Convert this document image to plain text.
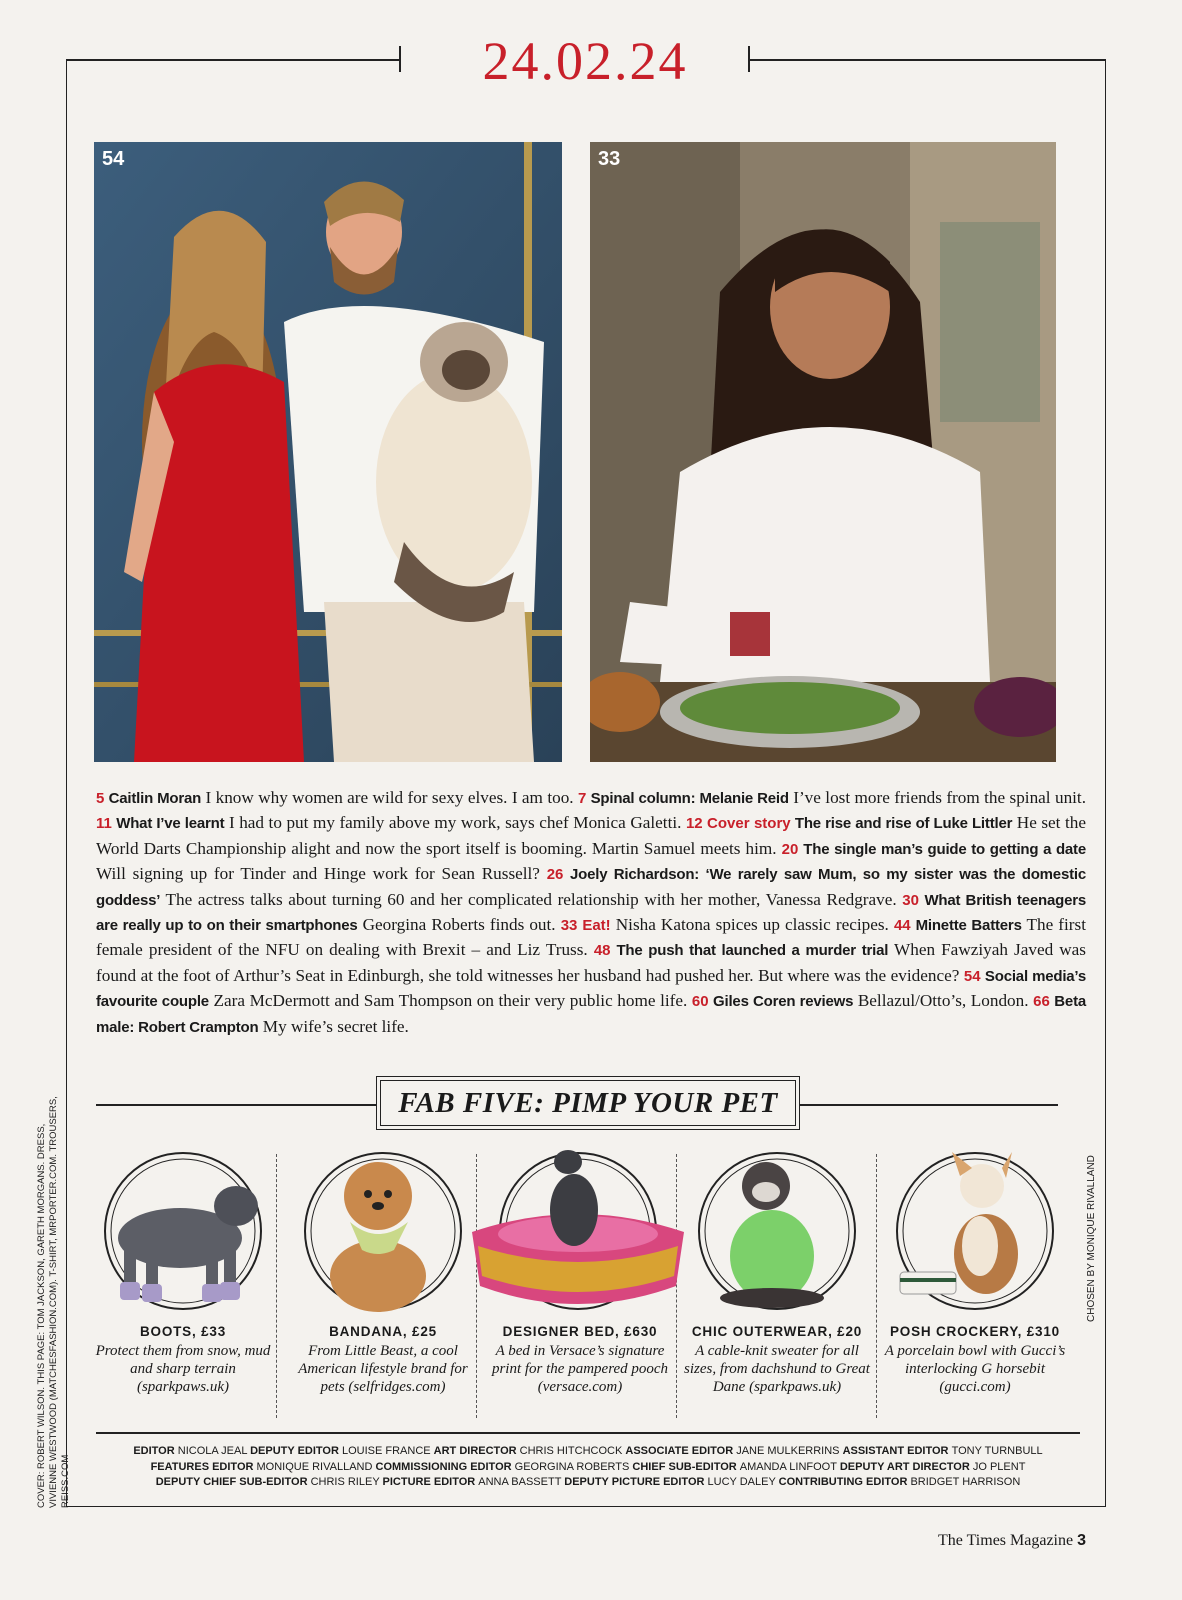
24.02.24
54	33
5 Caitlin Moran I know why women are wild for sexy elves. I am too. 7 Spinal column: Melanie Reid I’ve lost more friends from the spinal unit. 11 What I’ve learnt I had to put my family above my work, says chef Monica Galetti. 12 Cover story The rise and rise of Luke Littler He set the World Darts Championship alight and now the sport itself is booming. Martin Samuel meets him. 20 The single man’s guide to getting a date Will signing up for Tinder and Hinge work for Sean Russell? 26 Joely Richardson: ‘We rarely saw Mum, so my sister was the domestic goddess’ The actress talks about turning 60 and her complicated relationship with her mother, Vanessa Redgrave. 30 What British teenagers are really up to on their smartphones Georgina Roberts finds out. 33 Eat! Nisha Katona spices up classic recipes. 44 Minette Batters The first female president of the NFU on dealing with Brexit – and Liz Truss. 48 The push that launched a murder trial When Fawziyah Javed was found at the foot of Arthur’s Seat in Edinburgh, she told witnesses her husband had pushed her. But where was the evidence? 54 Social media’s favourite couple Zara McDermott and Sam Thompson on their very public home life. 60 Giles Coren reviews Bellazul/Otto’s, London. 66 Beta male: Robert Crampton My wife’s secret life.
FAB FIVE: PIMP YOUR PET
BOOTS, £33
Protect them from snow, mud and sharp terrain (sparkpaws.uk)
BANDANA, £25
From Little Beast, a cool American lifestyle brand for pets (selfridges.com)
DESIGNER BED, £630
A bed in Versace’s signature print for the pampered pooch (versace.com)
CHIC OUTERWEAR, £20
A cable-knit sweater for all sizes, from dachshund to Great Dane (sparkpaws.uk)
POSH CROCKERY, £310
A porcelain bowl with Gucci’s interlocking G horsebit (gucci.com)
CHOSEN BY MONIQUE RIVALLAND
EDITOR NICOLA JEAL DEPUTY EDITOR LOUISE FRANCE ART DIRECTOR CHRIS HITCHCOCK ASSOCIATE EDITOR JANE MULKERRINS ASSISTANT EDITOR TONY TURNBULL
FEATURES EDITOR MONIQUE RIVALLAND COMMISSIONING EDITOR GEORGINA ROBERTS CHIEF SUB-EDITOR AMANDA LINFOOT DEPUTY ART DIRECTOR JO PLENT
DEPUTY CHIEF SUB-EDITOR CHRIS RILEY PICTURE EDITOR ANNA BASSETT DEPUTY PICTURE EDITOR LUCY DALEY CONTRIBUTING EDITOR BRIDGET HARRISON
COVER: ROBERT WILSON. THIS PAGE: TOM JACKSON, GARETH MORGANS. DRESS, VIVIENNE WESTWOOD (MATCHESFASHION.COM). T-SHIRT, MRPORTER.COM. TROUSERS, REISS.COM
The Times Magazine 3
